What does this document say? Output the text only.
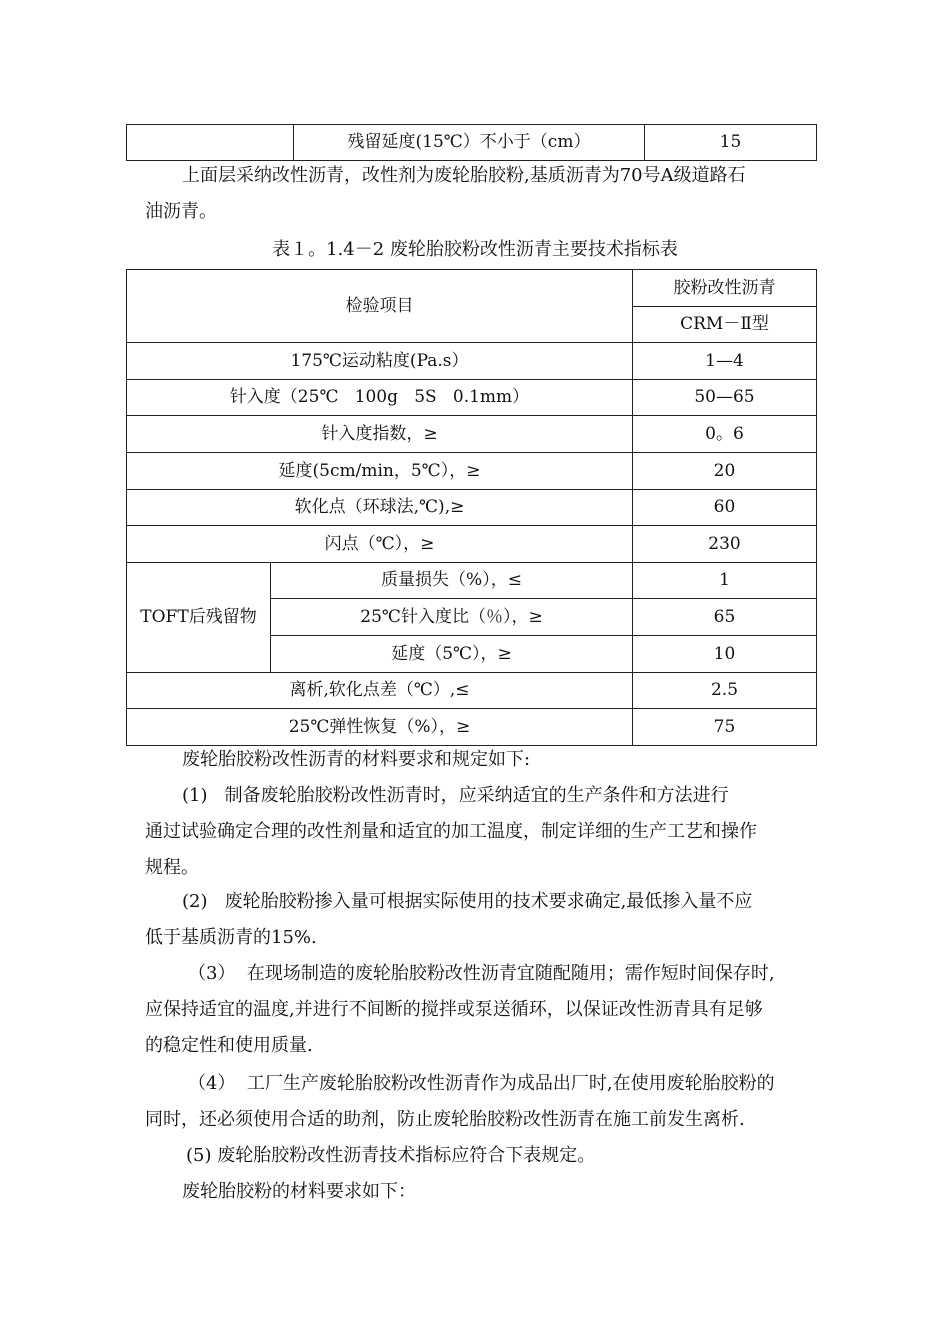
	残留延度(15℃）不小于（cm）	15
上面层采纳改性沥青，改性剂为废轮胎胶粉,基质沥青为70号A级道路石
油沥青。
表１。1.4－2 废轮胎胶粉改性沥青主要技术指标表
检验项目		胶粉改性沥青
		CRM－Ⅱ型
175℃运动粘度(Pa.s）		1—4
针入度（25℃   100g   5S   0.1mm）		50—65
针入度指数，≥		0。6
延度(5cm/min，5℃），≥		20
软化点（环球法,℃),≥		60
闪点（℃），≥		230
TOFT后残留物	质量损失（%），≤	1
	25℃针入度比（％），≥	65
	延度（5℃），≥	10
离析,软化点差（℃）,≤		2.5
25℃弹性恢复（%），≥		75
废轮胎胶粉改性沥青的材料要求和规定如下:
(1)   制备废轮胎胶粉改性沥青时，应采纳适宜的生产条件和方法进行
通过试验确定合理的改性剂量和适宜的加工温度，制定详细的生产工艺和操作
规程。
(2)   废轮胎胶粉掺入量可根据实际使用的技术要求确定,最低掺入量不应
低于基质沥青的15%.
（3）  在现场制造的废轮胎胶粉改性沥青宜随配随用；需作短时间保存时,
应保持适宜的温度,并进行不间断的搅拌或泵送循环，以保证改性沥青具有足够
的稳定性和使用质量.
（4）  工厂生产废轮胎胶粉改性沥青作为成品出厂时,在使用废轮胎胶粉的
同时，还必须使用合适的助剂，防止废轮胎胶粉改性沥青在施工前发生离析.
(5) 废轮胎胶粉改性沥青技术指标应符合下表规定。
废轮胎胶粉的材料要求如下：
